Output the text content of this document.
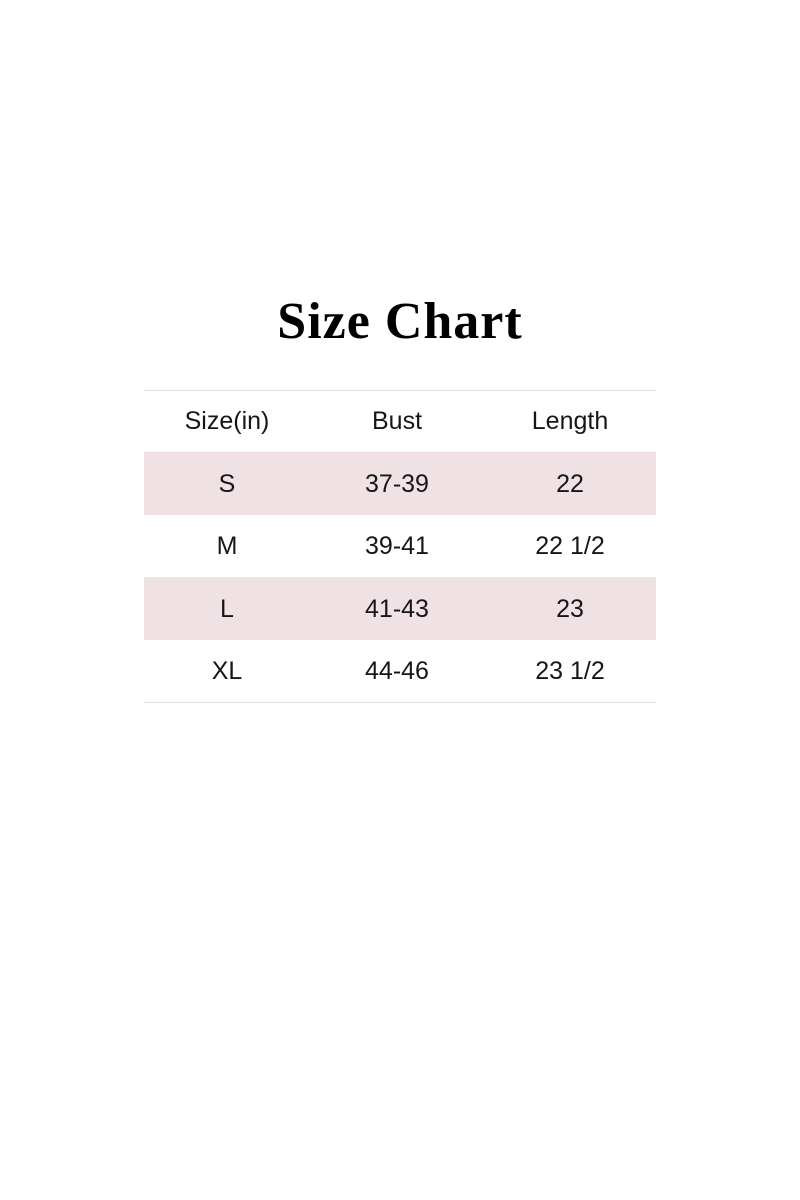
Size Chart
Size(in)	Bust	Length
S	37-39	22
M	39-41	22 1/2
L	41-43	23
XL	44-46	23 1/2
